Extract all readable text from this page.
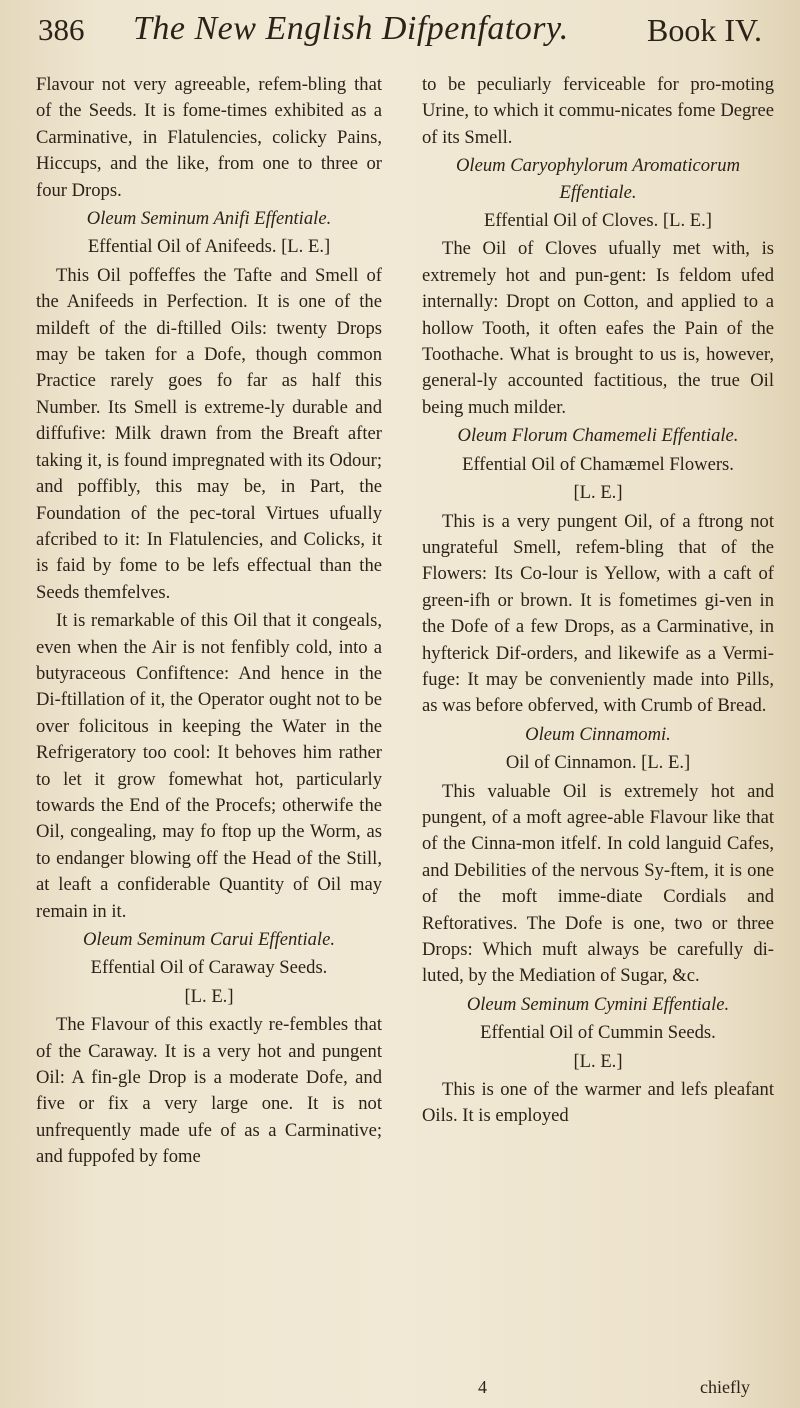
386 The New English Difpenfatory. Book IV.

Flavour not very agreeable, refem-bling that of the Seeds. It is fome-times exhibited as a Carminative, in Flatulencies, colicky Pains, Hiccups, and the like, from one to three or four Drops.

Oleum Seminum Anifi Effentiale.

Effential Oil of Anifeeds. [L. E.]

This Oil poffeffes the Tafte and Smell of the Anifeeds in Perfection. It is one of the mildeft of the di-ftilled Oils: twenty Drops may be taken for a Dofe, though common Practice rarely goes fo far as half this Number. Its Smell is extreme-ly durable and diffufive: Milk drawn from the Breaft after taking it, is found impregnated with its Odour; and poffibly, this may be, in Part, the Foundation of the pec-toral Virtues ufually afcribed to it: In Flatulencies, and Colicks, it is faid by fome to be lefs effectual than the Seeds themfelves.

It is remarkable of this Oil that it congeals, even when the Air is not fenfibly cold, into a butyraceous Confiftence: And hence in the Di-ftillation of it, the Operator ought not to be over folicitous in keeping the Water in the Refrigeratory too cool: It behoves him rather to let it grow fomewhat hot, particularly towards the End of the Procefs; otherwife the Oil, congealing, may fo ftop up the Worm, as to endanger blowing off the Head of the Still, at leaft a confiderable Quantity of Oil may remain in it.

Oleum Seminum Carui Effentiale.

Effential Oil of Caraway Seeds.

[L. E.]

The Flavour of this exactly re-fembles that of the Caraway. It is a very hot and pungent Oil: A fin-gle Drop is a moderate Dofe, and five or fix a very large one. It is not unfrequently made ufe of as a Carminative; and fuppofed by fome

to be peculiarly ferviceable for pro-moting Urine, to which it commu-nicates fome Degree of its Smell.

Oleum Caryophylorum Aromaticorum Effentiale.

Effential Oil of Cloves. [L. E.]

The Oil of Cloves ufually met with, is extremely hot and pun-gent: Is feldom ufed internally: Dropt on Cotton, and applied to a hollow Tooth, it often eafes the Pain of the Toothache. What is brought to us is, however, general-ly accounted factitious, the true Oil being much milder.

Oleum Florum Chamemeli Effentiale.

Effential Oil of Chamæmel Flowers.

[L. E.]

This is a very pungent Oil, of a ftrong not ungrateful Smell, refem-bling that of the Flowers: Its Co-lour is Yellow, with a caft of green-ifh or brown. It is fometimes gi-ven in the Dofe of a few Drops, as a Carminative, in hyfterick Dif-orders, and likewife as a Vermi-fuge: It may be conveniently made into Pills, as was before obferved, with Crumb of Bread.

Oleum Cinnamomi.

Oil of Cinnamon. [L. E.]

This valuable Oil is extremely hot and pungent, of a moft agree-able Flavour like that of the Cinna-mon itfelf. In cold languid Cafes, and Debilities of the nervous Sy-ftem, it is one of the moft imme-diate Cordials and Reftoratives. The Dofe is one, two or three Drops: Which muft always be carefully di-luted, by the Mediation of Sugar, &c.

Oleum Seminum Cymini Effentiale.

Effential Oil of Cummin Seeds.

[L. E.]

This is one of the warmer and lefs pleafant Oils. It is employed

4	chiefly
